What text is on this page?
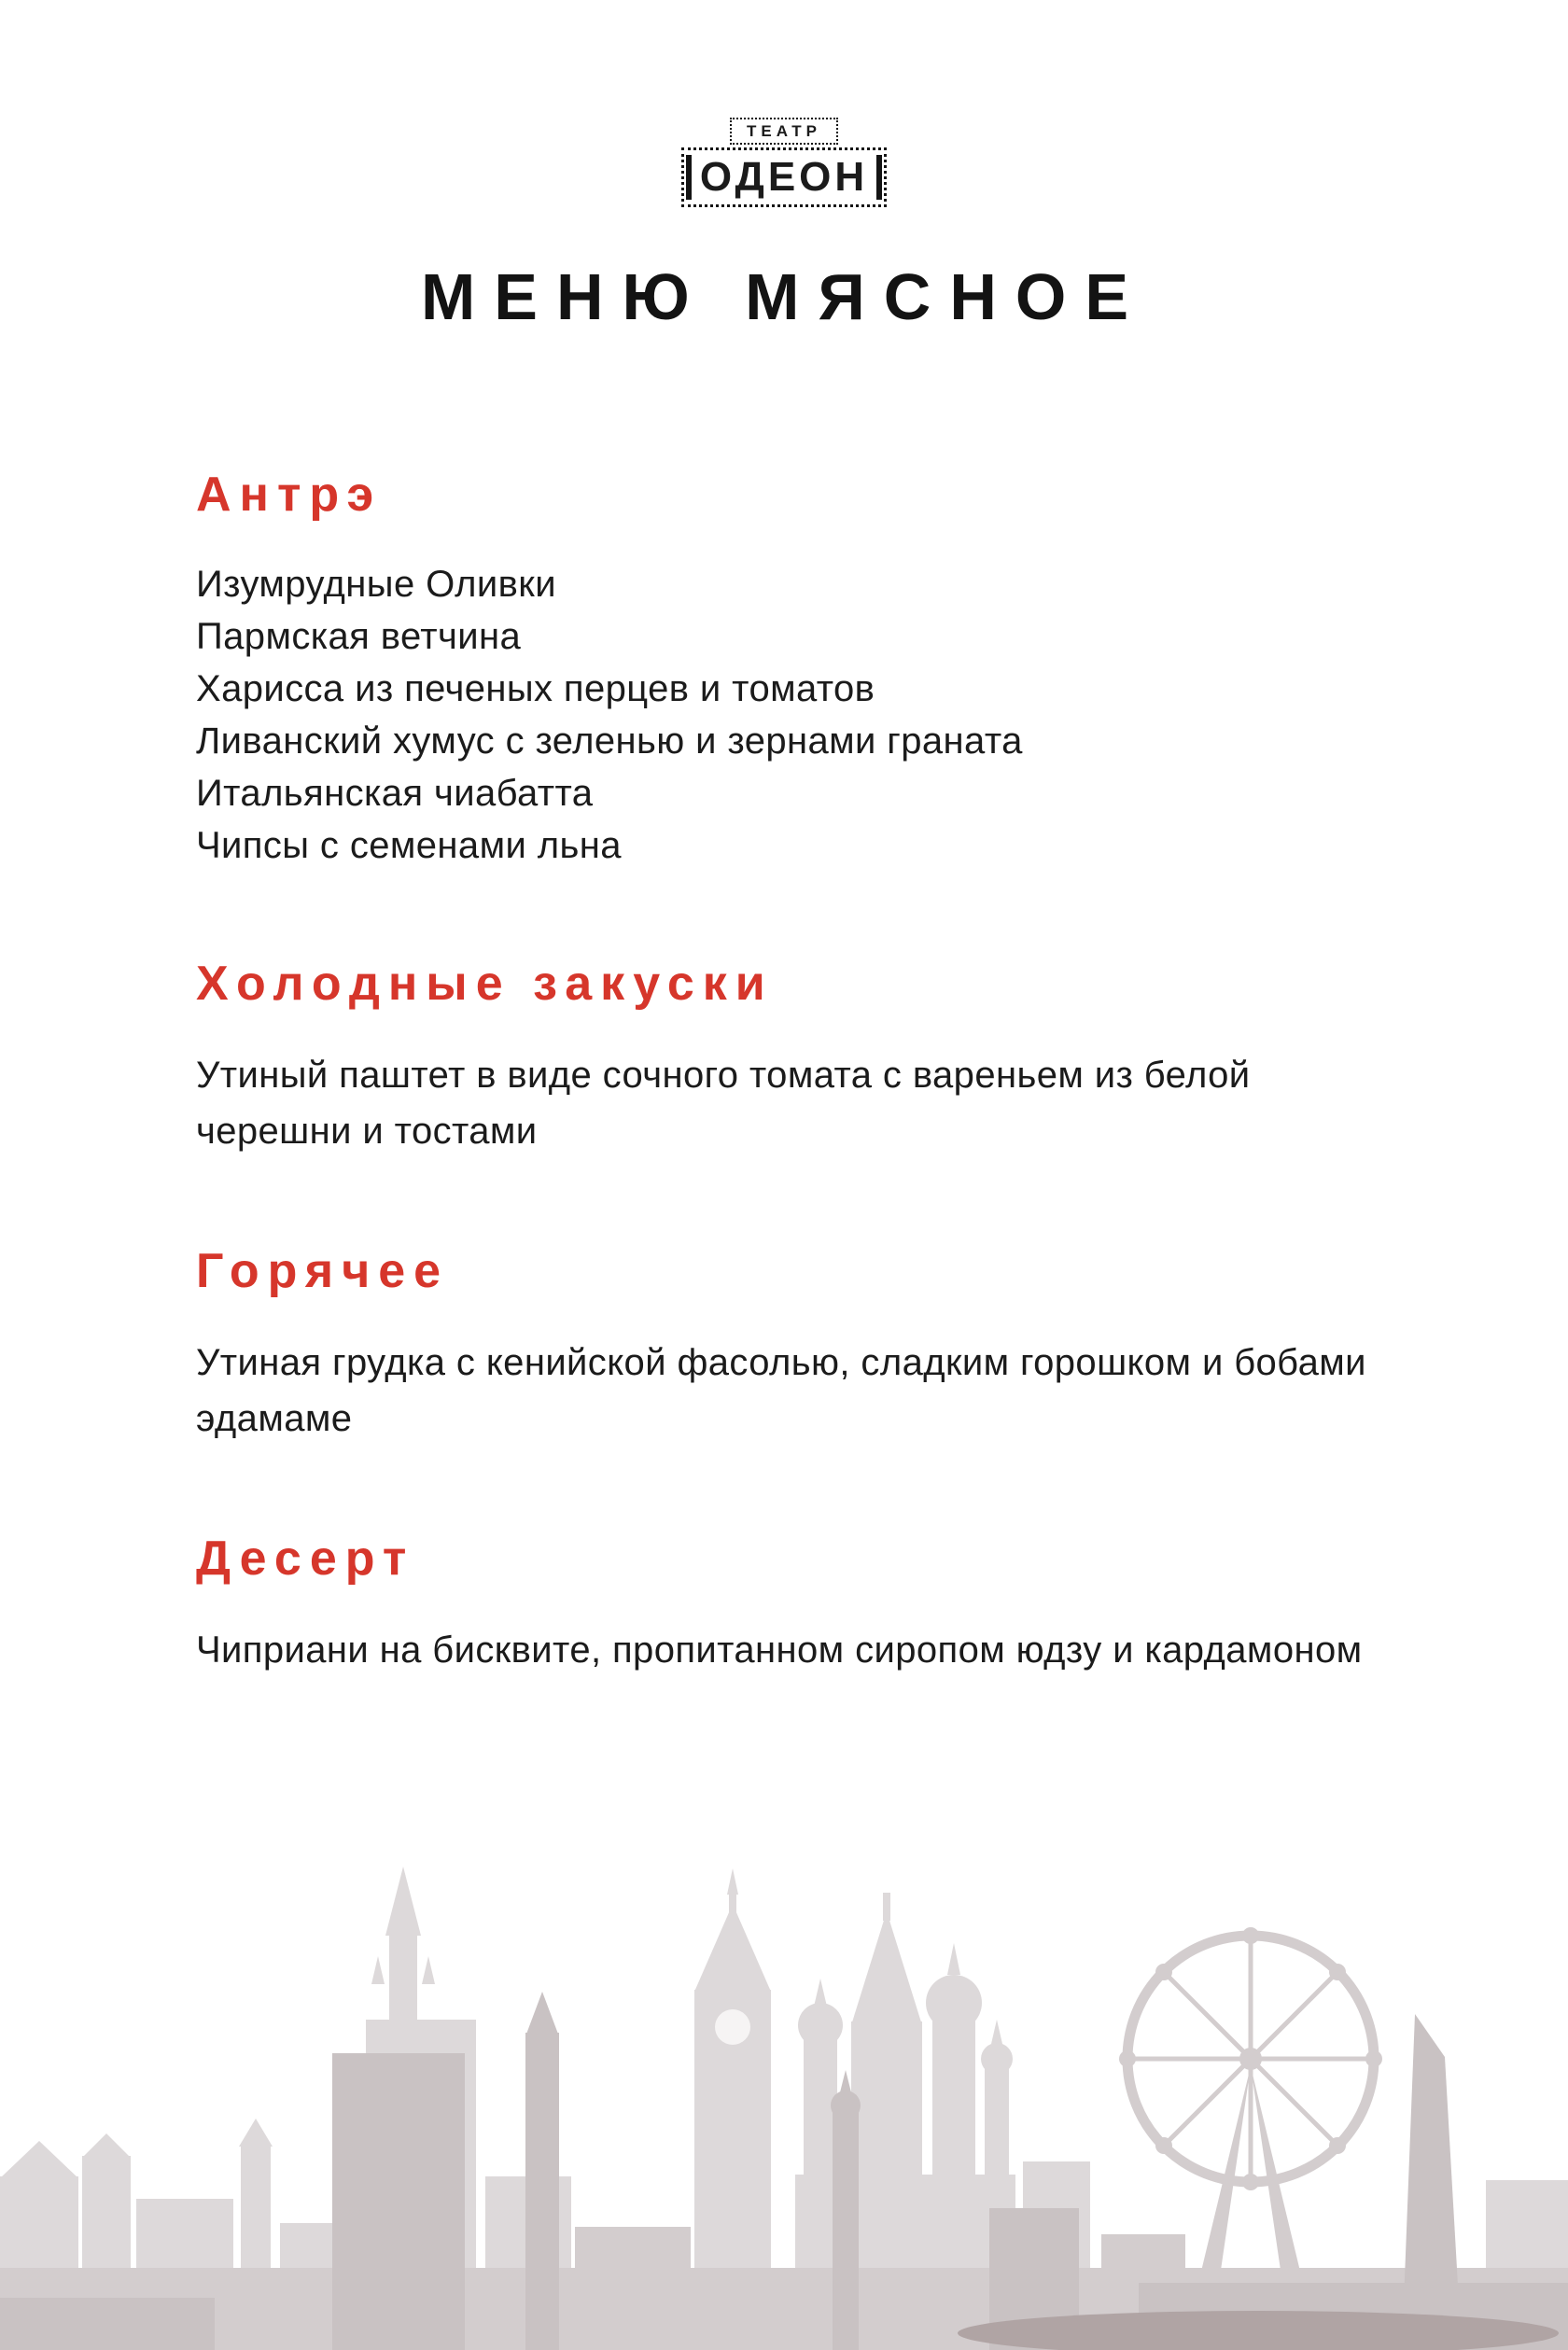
ТЕАТР
ОДЕОН
МЕНЮ МЯСНОЕ
Антрэ
Изумрудные Оливки
Пармская ветчина
Харисса из печеных перцев и томатов
Ливанский хумус с зеленью и зернами граната
Итальянская чиабатта
Чипсы с семенами льна
Холодные закуски

Утиный паштет в виде сочного томата с вареньем из белой черешни и тостами

Горячее

Утиная грудка с кенийской фасолью, сладким горошком и бобами эдамаме

Десерт

Чиприани на бисквите, пропитанном сиропом юдзу и кардамоном
